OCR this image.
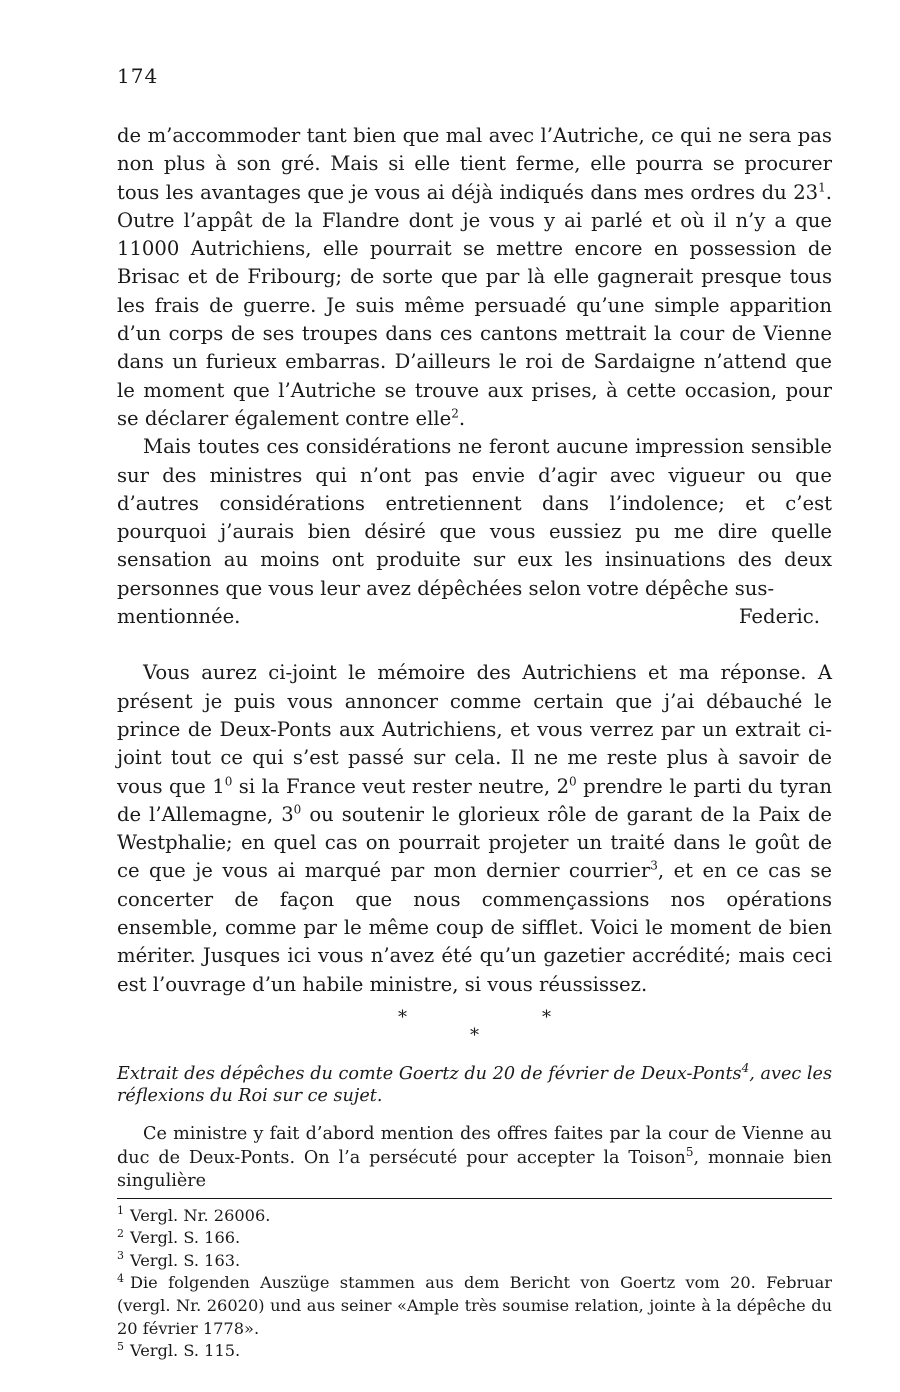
174

de m’accommoder tant bien que mal avec l’Autriche, ce qui ne sera pas non plus à son gré. Mais si elle tient ferme, elle pourra se procurer tous les avantages que je vous ai déjà indiqués dans mes ordres du $23^1$. Outre l’appât de la Flandre dont je vous y ai parlé et où il n’y a que 11000 Autrichiens, elle pourrait se mettre encore en possession de Brisac et de Fribourg; de sorte que par là elle gagnerait presque tous les frais de guerre. Je suis même persuadé qu’une simple apparition d’un corps de ses troupes dans ces cantons mettrait la cour de Vienne dans un furieux embarras. D’ailleurs le roi de Sardaigne n’attend que le moment que l’Autriche se trouve aux prises, à cette occasion, pour se déclarer également contre elle$^2$.

Mais toutes ces considérations ne feront aucune impression sensible sur des ministres qui n’ont pas envie d’agir avec vigueur ou que d’autres considérations entretiennent dans l’indolence; et c’est pourquoi j’aurais bien désiré que vous eussiez pu me dire quelle sensation au moins ont produite sur eux les insinuations des deux personnes que vous leur avez dépêchées selon votre dépêche sus-

mentionnée.	Federic.

Vous aurez ci-joint le mémoire des Autrichiens et ma réponse. A présent je puis vous annoncer comme certain que j’ai débauché le prince de Deux-Ponts aux Autrichiens, et vous verrez par un extrait ci-joint tout ce qui s’est passé sur cela. Il ne me reste plus à savoir de vous que $1^0$ si la France veut rester neutre, $2^0$ prendre le parti du tyran de l’Allemagne, $3^0$ ou soutenir le glorieux rôle de garant de la Paix de Westphalie; en quel cas on pourrait projeter un traité dans le goût de ce que je vous ai marqué par mon dernier courrier$^3$, et en ce cas se concerter de façon que nous commençassions nos opérations ensemble, comme par le même coup de sifflet. Voici le moment de bien mériter. Jusques ici vous n’avez été qu’un gazetier accrédité; mais ceci est l’ouvrage d’un habile ministre, si vous réussissez.

*	*
*

Extrait des dépêches du comte Goertz du 20 de février de Deux-Ponts$^4$, avec les réflexions du Roi sur ce sujet.

Ce ministre y fait d’abord mention des offres faites par la cour de Vienne au duc de Deux-Ponts. On l’a persécuté pour accepter la Toison$^5$, monnaie bien singulière

$^1$ Vergl. Nr. 26006.

$^2$ Vergl. S. 166.

$^3$ Vergl. S. 163.

$^4$ Die folgenden Auszüge stammen aus dem Bericht von Goertz vom 20. Februar (vergl. Nr. 26020) und aus seiner «Ample très soumise relation, jointe à la dépêche du 20 février 1778».

$^5$ Vergl. S. 115.
